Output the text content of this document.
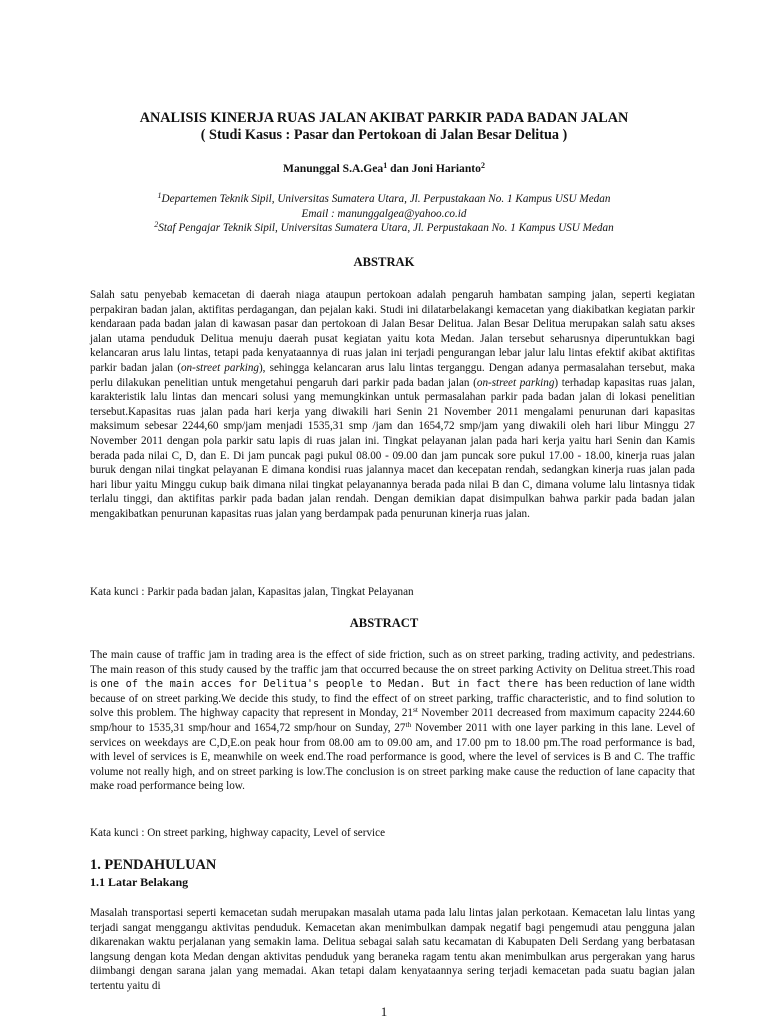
ANALISIS KINERJA RUAS JALAN AKIBAT PARKIR PADA BADAN JALAN
( Studi Kasus : Pasar dan Pertokoan di Jalan Besar Delitua )
Manunggal S.A.Gea$^1$ dan Joni Harianto$^2$
$^1$Departemen Teknik Sipil, Universitas Sumatera Utara, Jl. Perpustakaan No. 1 Kampus USU Medan
Email : manunggalgea@yahoo.co.id
$^2$Staf Pengajar Teknik Sipil, Universitas Sumatera Utara, Jl. Perpustakaan No. 1 Kampus USU Medan
ABSTRAK

Salah satu penyebab kemacetan di daerah niaga ataupun pertokoan adalah pengaruh hambatan samping jalan, seperti kegiatan perpakiran badan jalan, aktifitas perdagangan, dan pejalan kaki. Studi ini dilatarbelakangi kemacetan yang diakibatkan kegiatan parkir kendaraan pada badan jalan di kawasan pasar dan pertokoan di Jalan Besar Delitua. Jalan Besar Delitua merupakan salah satu akses jalan utama penduduk Delitua menuju daerah pusat kegiatan yaitu kota Medan. Jalan tersebut seharusnya diperuntukkan bagi kelancaran arus lalu lintas, tetapi pada kenyataannya di ruas jalan ini terjadi pengurangan lebar jalur lalu lintas efektif akibat aktifitas parkir badan jalan (on-street parking), sehingga kelancaran arus lalu lintas terganggu. Dengan adanya permasalahan tersebut, maka perlu dilakukan penelitian untuk mengetahui pengaruh dari parkir pada badan jalan (on-street parking) terhadap kapasitas ruas jalan, karakteristik lalu lintas dan mencari solusi yang memungkinkan untuk permasalahan parkir pada badan jalan di lokasi penelitian tersebut.Kapasitas ruas jalan pada hari kerja yang diwakili hari Senin 21 November 2011 mengalami penurunan dari kapasitas maksimum sebesar 2244,60 smp/jam menjadi 1535,31 smp /jam dan 1654,72 smp/jam yang diwakili oleh hari libur Minggu 27 November 2011 dengan pola parkir satu lapis di ruas jalan ini. Tingkat pelayanan jalan pada hari kerja yaitu hari Senin dan Kamis berada pada nilai C, D, dan E. Di jam puncak pagi pukul 08.00 - 09.00 dan jam puncak sore pukul 17.00 - 18.00, kinerja ruas jalan buruk dengan nilai tingkat pelayanan E dimana kondisi ruas jalannya macet dan kecepatan rendah, sedangkan kinerja ruas jalan pada hari libur yaitu Minggu cukup baik dimana nilai tingkat pelayanannya berada pada nilai B dan C, dimana volume lalu lintasnya tidak terlalu tinggi, dan aktifitas parkir pada badan jalan rendah. Dengan demikian dapat disimpulkan bahwa parkir pada badan jalan mengakibatkan penurunan kapasitas ruas jalan yang berdampak pada penurunan kinerja ruas jalan.

Kata kunci : Parkir pada badan jalan, Kapasitas jalan, Tingkat Pelayanan

ABSTRACT

The main cause of traffic jam in trading area is the effect of side friction, such as on street parking, trading activity, and pedestrians. The main reason of this study caused by the traffic jam that occurred because the on street parking Activity on Delitua street.This road is one of the main acces for Delitua's people to Medan. But in fact there has been reduction of lane width because of on street parking.We decide this study, to find the effect of on street parking, traffic characteristic, and to find solution to solve this problem. The highway capacity that represent in Monday, 21st November 2011 decreased from maximum capacity 2244.60 smp/hour to 1535,31 smp/hour and 1654,72 smp/hour on Sunday, 27th November 2011 with one layer parking in this lane. Level of services on weekdays are C,D,E.on peak hour from 08.00 am to 09.00 am, and 17.00 pm to 18.00 pm.The road performance is bad, with level of services is E, meanwhile on week end.The road performance is good, where the level of services is B and C. The traffic volume not really high, and on street parking is low.The conclusion is on street parking make cause the reduction of lane capacity that make road performance being low.

Kata kunci : On street parking, highway capacity, Level of service

1. PENDAHULUAN
1.1 Latar Belakang

Masalah transportasi seperti kemacetan sudah merupakan masalah utama pada lalu lintas jalan perkotaan. Kemacetan lalu lintas yang terjadi sangat menggangu aktivitas penduduk. Kemacetan akan menimbulkan dampak negatif bagi pengemudi atau pengguna jalan dikarenakan waktu perjalanan yang semakin lama. Delitua sebagai salah satu kecamatan di Kabupaten Deli Serdang yang berbatasan langsung dengan kota Medan dengan aktivitas penduduk yang beraneka ragam tentu akan menimbulkan arus pergerakan yang harus diimbangi dengan sarana jalan yang memadai. Akan tetapi dalam kenyataannya sering terjadi kemacetan pada suatu bagian jalan tertentu yaitu di

1
